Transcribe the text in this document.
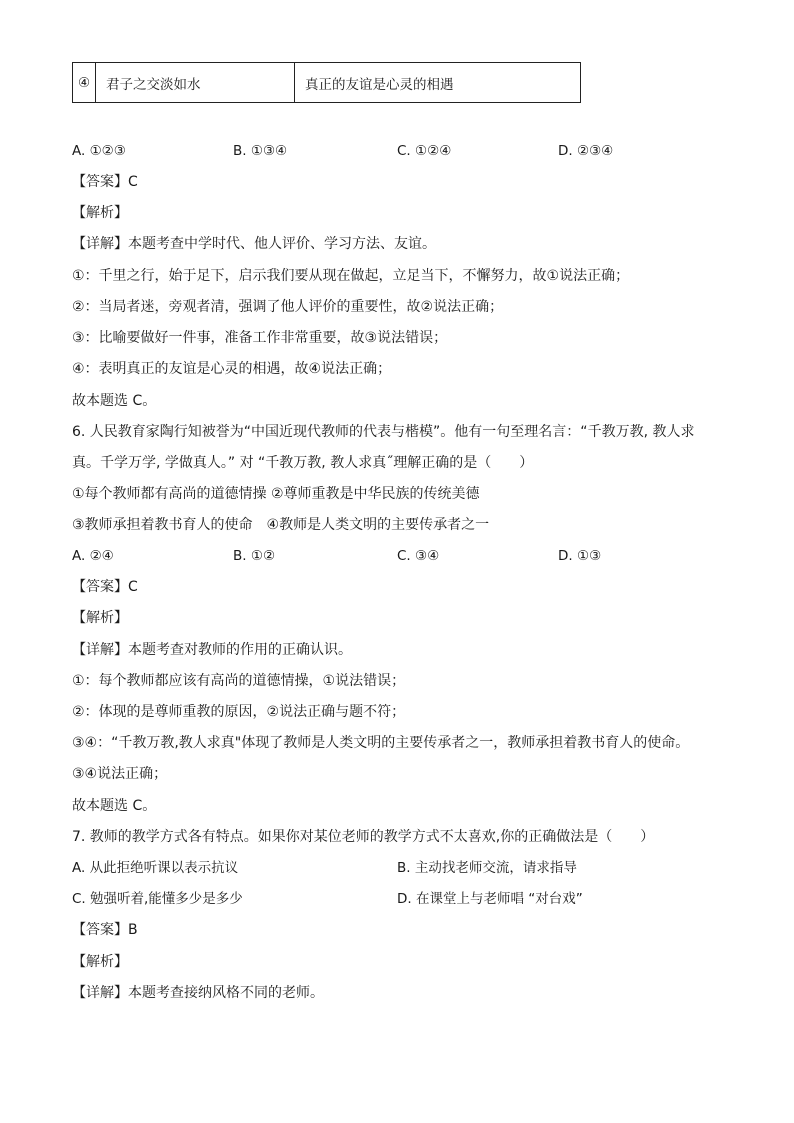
④	君子之交淡如水	真正的友谊是心灵的相遇
A. ①②③	B. ①③④	C. ①②④	D. ②③④
【答案】C
【解析】
【详解】本题考查中学时代、他人评价、学习方法、友谊。
①：千里之行，始于足下，启示我们要从现在做起，立足当下，不懈努力，故①说法正确；
②：当局者迷，旁观者清，强调了他人评价的重要性，故②说法正确；
③：比喻要做好一件事，准备工作非常重要，故③说法错误；
④：表明真正的友谊是心灵的相遇，故④说法正确；
故本题选 C。
6. 人民教育家陶行知被誉为“中国近现代教师的代表与楷模”。他有一句至理名言：“千教万教, 教人求
真。千学万学, 学做真人。” 对 “千教万教, 教人求真˝理解正确的是（　　）
①每个教师都有高尚的道德情操 ②尊师重教是中华民族的传统美德
③教师承担着教书育人的使命　④教师是人类文明的主要传承者之一
A. ②④	B. ①②	C. ③④	D. ①③
【答案】C
【解析】
【详解】本题考查对教师的作用的正确认识。
①：每个教师都应该有高尚的道德情操，①说法错误；
②：体现的是尊师重教的原因，②说法正确与题不符；
③④：“千教万教,教人求真"体现了教师是人类文明的主要传承者之一，教师承担着教书育人的使命。
③④说法正确；
故本题选 C。
7. 教师的教学方式各有特点。如果你对某位老师的教学方式不太喜欢,你的正确做法是（　　）
A. 从此拒绝听课以表示抗议	B. 主动找老师交流，请求指导
C. 勉强听着,能懂多少是多少	D. 在课堂上与老师唱 “对台戏”
【答案】B
【解析】
【详解】本题考查接纳风格不同的老师。
